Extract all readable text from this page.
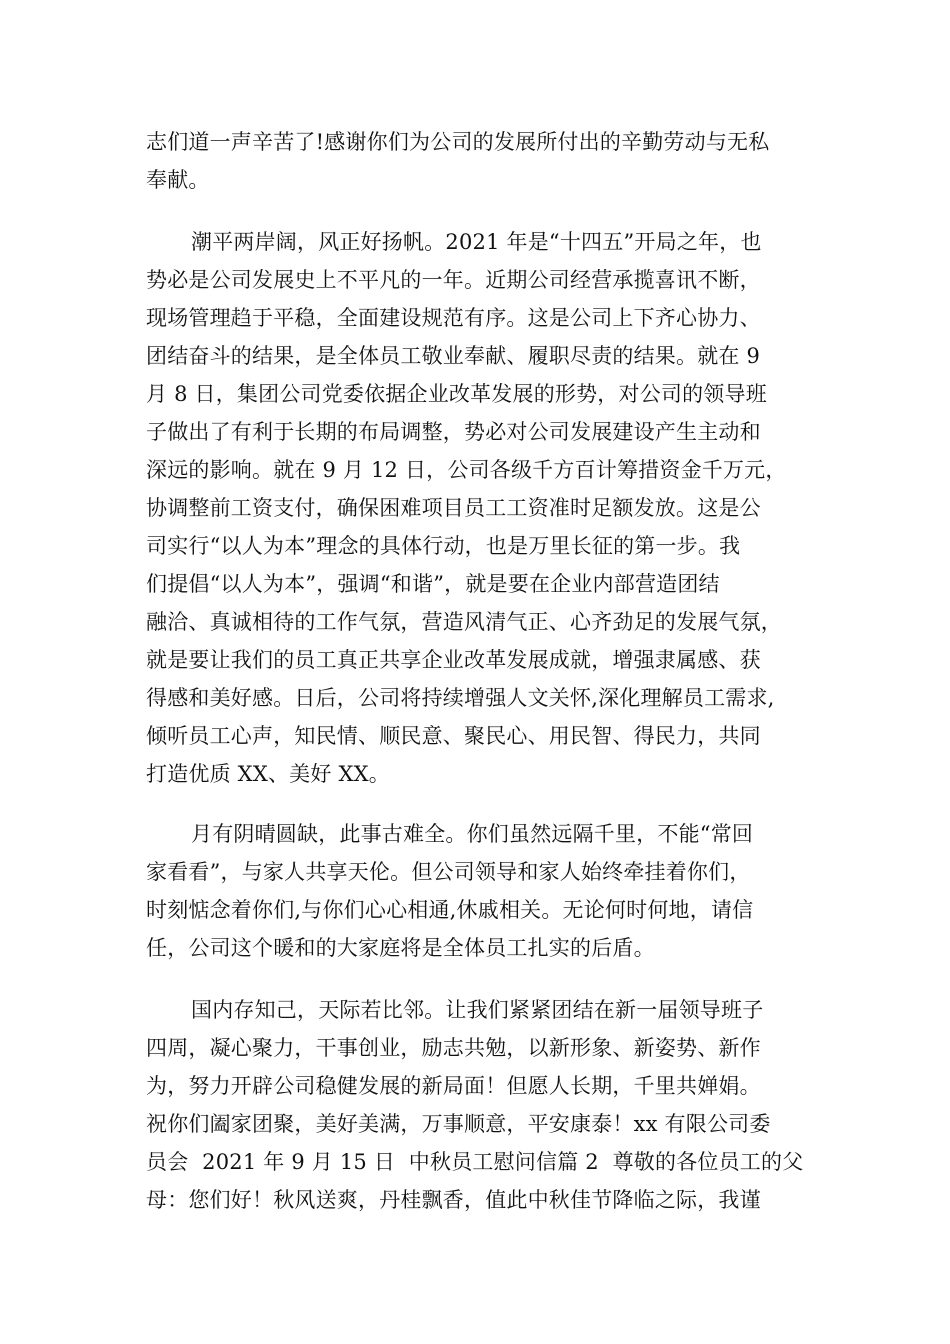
志们道一声辛苦了!感谢你们为公司的发展所付出的辛勤劳动与无私

奉献。

潮平两岸阔，风正好扬帆。2021 年是“十四五”开局之年，也

势必是公司发展史上不平凡的一年。近期公司经营承揽喜讯不断，

现场管理趋于平稳，全面建设规范有序。这是公司上下齐心协力、

团结奋斗的结果，是全体员工敬业奉献、履职尽责的结果。就在 9

月 8 日，集团公司党委依据企业改革发展的形势，对公司的领导班

子做出了有利于长期的布局调整，势必对公司发展建设产生主动和

深远的影响。就在 9 月 12 日，公司各级千方百计筹措资金千万元，

协调整前工资支付，确保困难项目员工工资准时足额发放。这是公

司实行“以人为本”理念的具体行动，也是万里长征的第一步。我

们提倡“以人为本”，强调“和谐”，就是要在企业内部营造团结

融洽、真诚相待的工作气氛，营造风清气正、心齐劲足的发展气氛，

就是要让我们的员工真正共享企业改革发展成就，增强隶属感、获

得感和美好感。日后，公司将持续增强人文关怀,深化理解员工需求,

倾听员工心声，知民情、顺民意、聚民心、用民智、得民力，共同

打造优质 XX、美好 XX。

月有阴晴圆缺，此事古难全。你们虽然远隔千里，不能“常回

家看看”，与家人共享天伦。但公司领导和家人始终牵挂着你们，

时刻惦念着你们,与你们心心相通,休戚相关。无论何时何地，请信

任，公司这个暖和的大家庭将是全体员工扎实的后盾。

国内存知己，天际若比邻。让我们紧紧团结在新一届领导班子

四周，凝心聚力，干事创业，励志共勉，以新形象、新姿势、新作

为，努力开辟公司稳健发展的新局面！但愿人长期，千里共婵娟。

祝你们阖家团聚，美好美满，万事顺意，平安康泰！xx 有限公司委

员会  2021 年 9 月 15 日  中秋员工慰问信篇 2  尊敬的各位员工的父

母：您们好！秋风送爽，丹桂飘香，值此中秋佳节降临之际，我谨
